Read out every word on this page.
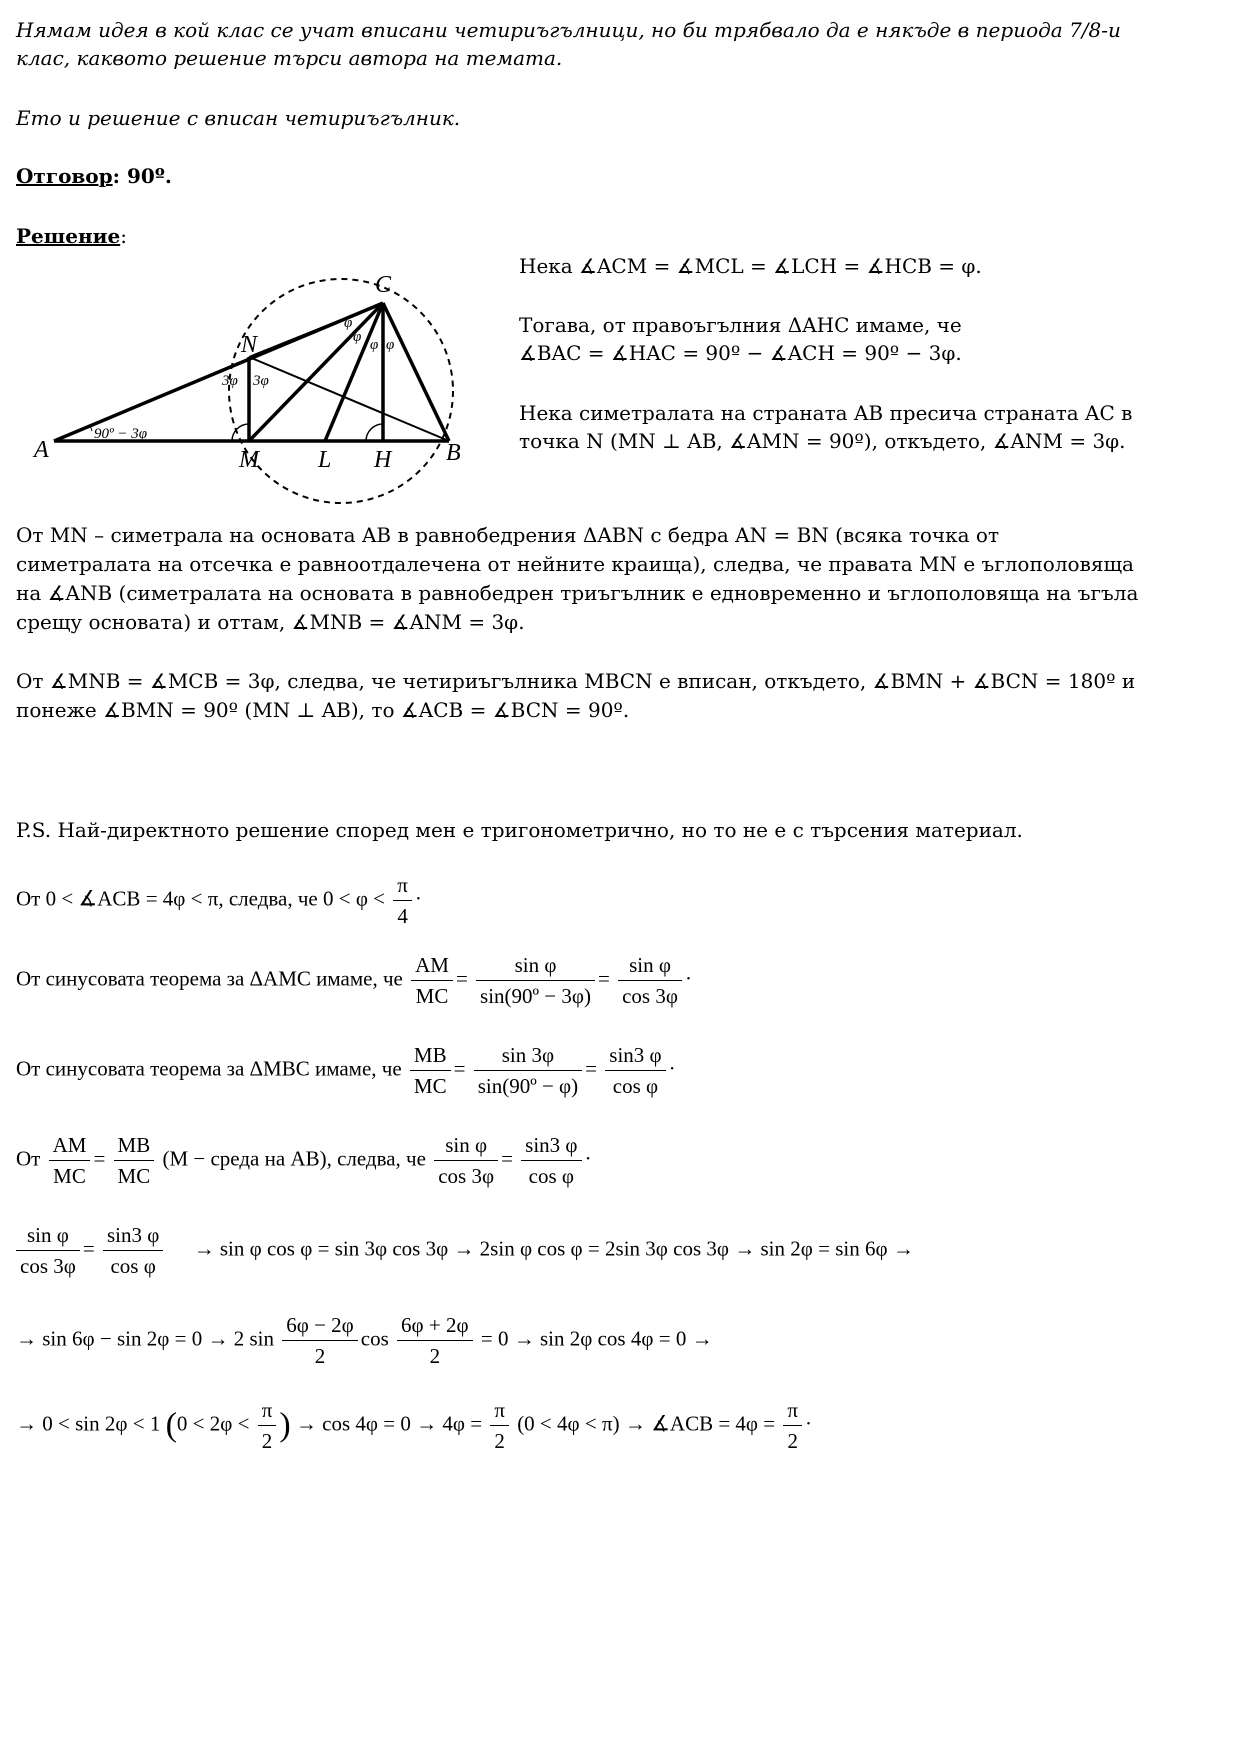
Нямам идея в кой клас се учат вписани четириъгълници, но би трябвало да е някъде в периода 7/8-и
клас, каквото решение търси автора на темата.
Ето и решение с вписан четириъгълник.
Отговор: 90º.
Решение:
A	B
C
N
M L H
90º − 3φ
3φ 3φ
φ
φ φ φ
Нека ∡ACM = ∡MCL = ∡LCH = ∡HCB = φ.
Тогава, от правоъгълния ΔAHC имаме, че
∡BAC = ∡HAC = 90º − ∡ACH = 90º − 3φ.
Нека симетралата на страната AB пресича страната AC в
точка N (MN ⊥ AB, ∡AMN = 90º), откъдето, ∡ANM = 3φ.
От MN – симетрала на основата AB в равнобедрения ΔABN с бедра AN = BN (всяка точка от
симетралата на отсечка е равноотдалечена от нейните краища), следва, че правата MN е ъглополовяща
на ∡ANB (симетралата на основата в равнобедрен триъгълник е едновременно и ъглополовяща на ъгъла
срещу основата) и оттам, ∡MNB = ∡ANM = 3φ.
От ∡MNB = ∡MCB = 3φ, следва, че четириъгълника MBCN е вписан, откъдето, ∡BMN + ∡BCN = 180º и
понеже ∡BMN = 90º (MN ⊥ AB), то ∡ACB = ∡BCN = 90º.
P.S. Най-директното решение според мен е тригонометрично, но то не е с търсения материал.
От 0 < ∡ACB = 4φ < π, следва, че $0 < \varphi < \frac{\pi}{4}$ ·
От синусовата теорема за ΔAMC имаме, че $\frac{AM}{MC} = \frac{\text{sin φ}}{\text{sin(90º − 3φ)}} = \frac{\text{sin φ}}{\cos 3\varphi}$ ·
От синусовата теорема за ΔMBC имаме, че $\frac{MB}{MC} = \frac{\sin 3\varphi}{\text{sin(90º − φ)}} = \frac{\sin 3 \varphi}{\text{cos φ}}$ ·
От $\frac{AM}{MC} = \frac{MB}{MC} (M$ − среда на AB), следва, че $\frac{\text{sin φ}}{\cos 3\varphi} = \frac{\sin 3 \varphi}{\text{cos φ}}$ ·
$\frac{\text{sin φ}}{\cos 3\varphi} = \frac{\sin 3 \varphi}{\text{cos φ}} \to \sin \varphi$ cos φ = sin 3φ cos 3φ → 2sin φ cos φ = 2sin 3φ cos 3φ → sin 2φ = sin 6φ →
→ sin 6φ − sin 2φ = 0 → 2 $\sin \frac{6\varphi - 2\varphi}{2}$ $\cos \frac{6\varphi + 2\varphi}{2} = 0 \to \sin 2\varphi$ cos 4φ = 0 →
→ 0 < sin 2φ < 1 ($0 < 2\varphi < \frac{\pi}{2}$ ) → $\cos 4\varphi = 0 \to 4\varphi = \frac{\pi}{2} (0 < 4\varphi < \pi)$ → ∡ACB = $4\varphi = \frac{\pi}{2}$ ·
